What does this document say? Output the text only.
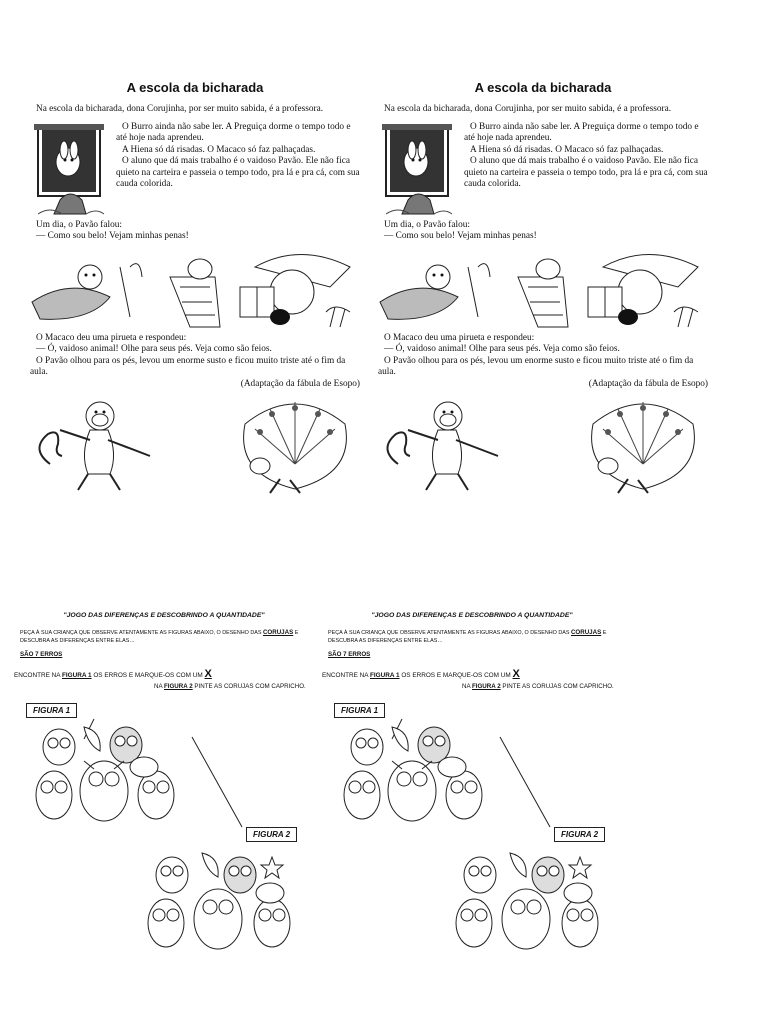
A escola da bicharada

Na escola da bicharada, dona Corujinha, por ser muito sabida, é a professora.

O Burro ainda não sabe ler. A Preguiça dorme o tempo todo e até hoje nada aprendeu.

A Hiena só dá risadas. O Macaco só faz palhaçadas.

O aluno que dá mais trabalho é o vaidoso Pavão. Ele não fica quieto na carteira e passeia o tempo todo, pra lá e pra cá, com sua cauda colorida.

Um dia, o Pavão falou:

— Como sou belo! Vejam minhas penas!

O Macaco deu uma pirueta e respondeu:

— Ó, vaidoso animal! Olhe para seus pés. Veja como são feios.

O Pavão olhou para os pés, levou um enorme susto e ficou muito triste até o fim da aula.

(Adaptação da fábula de Esopo)

A escola da bicharada

Na escola da bicharada, dona Corujinha, por ser muito sabida, é a professora.

O Burro ainda não sabe ler. A Preguiça dorme o tempo todo e até hoje nada aprendeu.

A Hiena só dá risadas. O Macaco só faz palhaçadas.

O aluno que dá mais trabalho é o vaidoso Pavão. Ele não fica quieto na carteira e passeia o tempo todo, pra lá e pra cá, com sua cauda colorida.

Um dia, o Pavão falou:

— Como sou belo! Vejam minhas penas!

O Macaco deu uma pirueta e respondeu:

— Ó, vaidoso animal! Olhe para seus pés. Veja como são feios.

O Pavão olhou para os pés, levou um enorme susto e ficou muito triste até o fim da aula.

(Adaptação da fábula de Esopo)

"JOGO DAS DIFERENÇAS E DESCOBRINDO A QUANTIDADE"
PEÇA À SUA CRIANÇA QUE OBSERVE ATENTAMENTE AS FIGURAS ABAIXO, O DESENHO DAS CORUJAS E DESCUBRA AS DIFERENÇAS ENTRE ELAS…
SÃO 7 ERROS
ENCONTRE NA FIGURA 1 OS ERROS E MARQUE-OS COM UM X
NA FIGURA 2 PINTE AS CORUJAS COM CAPRICHO.
FIGURA 1
FIGURA 2
"JOGO DAS DIFERENÇAS E DESCOBRINDO A QUANTIDADE"
PEÇA À SUA CRIANÇA QUE OBSERVE ATENTAMENTE AS FIGURAS ABAIXO, O DESENHO DAS CORUJAS E DESCUBRA AS DIFERENÇAS ENTRE ELAS…
SÃO 7 ERROS
ENCONTRE NA FIGURA 1 OS ERROS E MARQUE-OS COM UM X
NA FIGURA 2 PINTE AS CORUJAS COM CAPRICHO.
FIGURA 1
FIGURA 2
